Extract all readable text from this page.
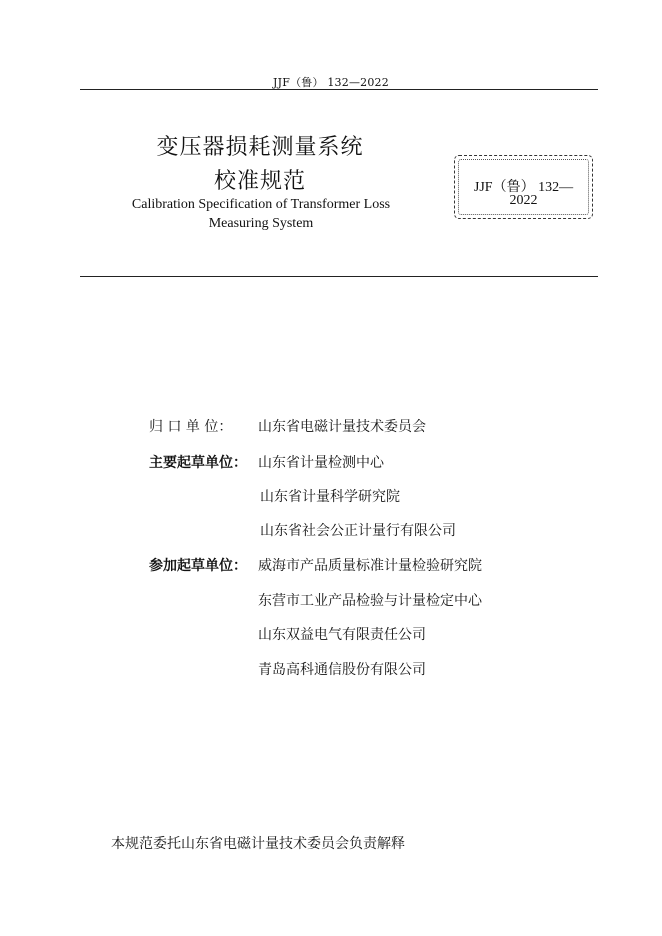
JJF（鲁） 132—2022
变压器损耗测量系统
校准规范
Calibration Specification of Transformer Loss
Measuring System
JJF（鲁） 132—
2022
归 口 单 位：	山东省电磁计量技术委员会
主要起草单位： 山东省计量检测中心
山东省计量科学研究院
山东省社会公正计量行有限公司
参加起草单位： 威海市产品质量标准计量检验研究院
东营市工业产品检验与计量检定中心
山东双益电气有限责任公司
青岛高科通信股份有限公司
本规范委托山东省电磁计量技术委员会负责解释
